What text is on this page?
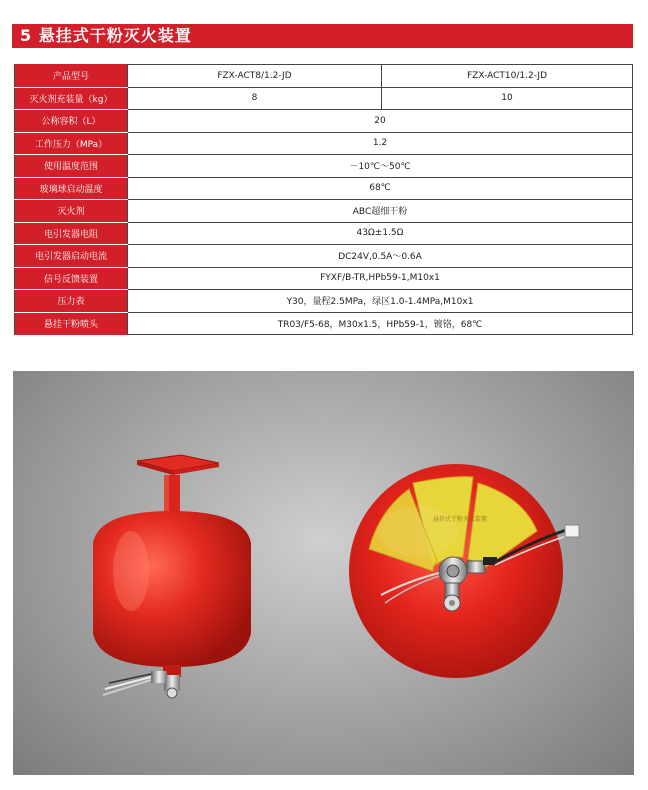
5 悬挂式干粉灭火装置
产品型号	FZX-ACT8/1.2-JD	FZX-ACT10/1.2-JD
灭火剂充装量（kg）	8	10
公称容积（L）	20	
工作压力（MPa）	1.2	
使用温度范围	－10℃～50℃	
玻璃球启动温度	68℃	
灭火剂	ABC超细干粉	
电引发器电阻	43Ω±1.5Ω	
电引发器启动电流	DC24V,0.5A～0.6A	
信号反馈装置	FYXF/B-TR,HPb59-1,M10x1	
压力表	Y30，量程2.5MPa，绿区1.0-1.4MPa,M10x1	
悬挂干粉喷头	TR03/F5-68，M30x1.5，HPb59-1，镀铬，68℃	
悬挂式干粉灭火装置
